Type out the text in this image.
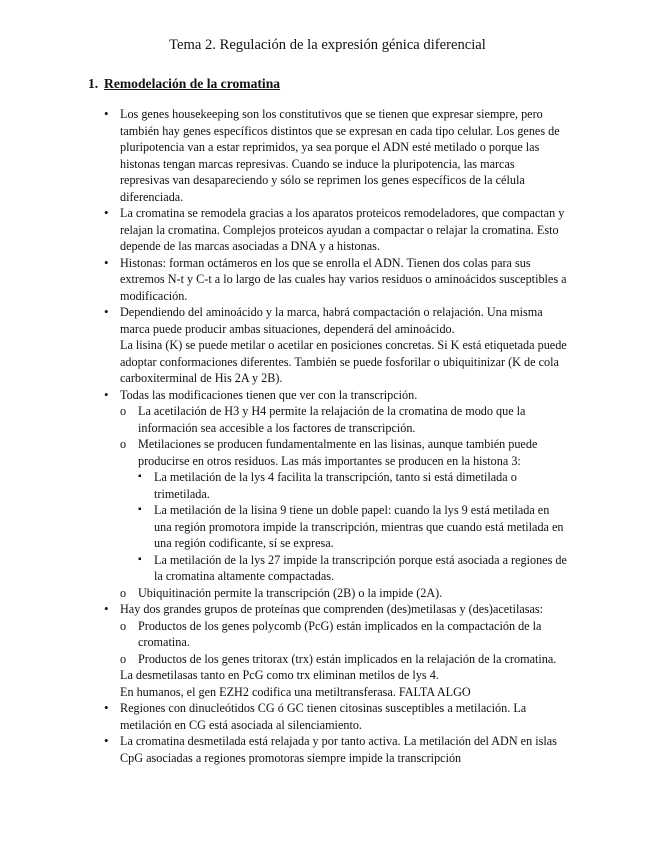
Tema 2. Regulación de la expresión génica diferencial
1. Remodelación de la cromatina

• Los genes housekeeping son los constitutivos que se tienen que expresar siempre, pero también hay genes específicos distintos que se expresan en cada tipo celular. Los genes de pluripotencia van a estar reprimidos, ya sea porque el ADN esté metilado o porque las histonas tengan marcas represivas. Cuando se induce la pluripotencia, las marcas represivas van desapareciendo y sólo se reprimen los genes específicos de la célula diferenciada.

• La cromatina se remodela gracias a los aparatos proteicos remodeladores, que compactan y relajan la cromatina. Complejos proteicos ayudan a compactar o relajar la cromatina. Esto depende de las marcas asociadas a DNA y a histonas.

• Histonas: forman octámeros en los que se enrolla el ADN. Tienen dos colas para sus extremos N-t y C-t a lo largo de las cuales hay varios residuos o aminoácidos susceptibles a modificación.

• Dependiendo del aminoácido y la marca, habrá compactación o relajación. Una misma marca puede producir ambas situaciones, dependerá del aminoácido.

La lisina (K) se puede metilar o acetilar en posiciones concretas. Si K está etiquetada puede adoptar conformaciones diferentes. También se puede fosforilar o ubiquitinizar (K de cola carboxiterminal de His 2A y 2B).

• Todas las modificaciones tienen que ver con la transcripción.

o La acetilación de H3 y H4 permite la relajación de la cromatina de modo que la información sea accesible a los factores de transcripción.

o Metilaciones se producen fundamentalmente en las lisinas, aunque también puede producirse en otros residuos. Las más importantes se producen en la histona 3:

▪ La metilación de la lys 4 facilita la transcripción, tanto si está dimetilada o trimetilada.

▪ La metilación de la lisina 9 tiene un doble papel: cuando la lys 9 está metilada en una región promotora impide la transcripción, mientras que cuando está metilada en una región codificante, sí se expresa.

▪ La metilación de la lys 27 impide la transcripción porque está asociada a regiones de la cromatina altamente compactadas.

o Ubiquitinación permite la transcripción (2B) o la impide (2A).

• Hay dos grandes grupos de proteínas que comprenden (des)metilasas y (des)acetilasas:

o Productos de los genes polycomb (PcG) están implicados en la compactación de la cromatina.

o Productos de los genes tritorax (trx) están implicados en la relajación de la cromatina.

La desmetilasas tanto en PcG como trx eliminan metilos de lys 4.

En humanos, el gen EZH2 codifica una metiltransferasa. FALTA ALGO

• Regiones con dinucleótidos CG ó GC tienen citosinas susceptibles a metilación. La metilación en CG está asociada al silenciamiento.

• La cromatina desmetilada está relajada y por tanto activa. La metilación del ADN en islas CpG asociadas a regiones promotoras siempre impide la transcripción
